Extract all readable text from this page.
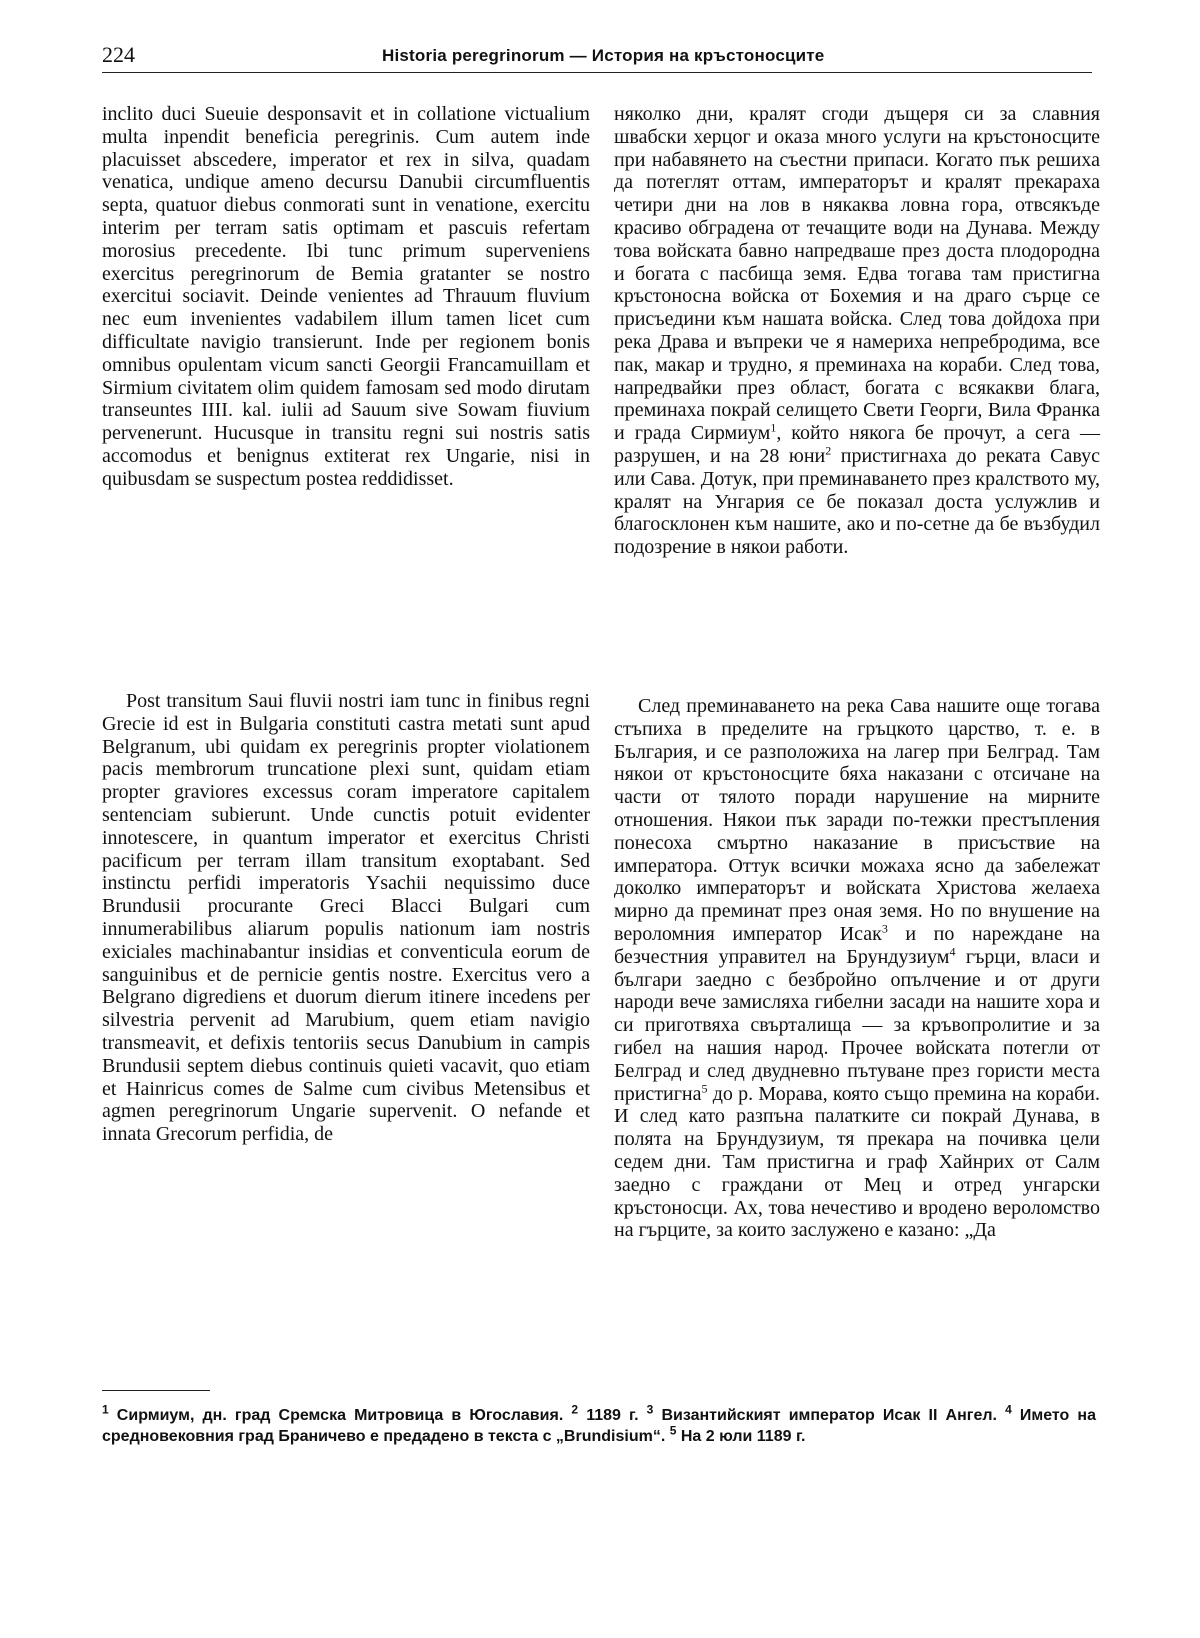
224	Historia peregrinorum — История на кръстоносците

inclito duci Sueuie desponsavit et in collatione victualium multa inpendit beneficia peregrinis. Cum autem inde placuisset abscedere, imperator et rex in silva, quadam venatica, undique ameno decursu Danubii circumfluentis septa, quatuor diebus conmorati sunt in venatione, exercitu interim per terram satis optimam et pascuis refertam morosius precedente. Ibi tunc primum superveniens exercitus peregrinorum de Bemia gratanter se nostro exercitui sociavit. Deinde venientes ad Thrauum fluvium nec eum invenientes vadabilem illum tamen licet cum difficultate navigio transierunt. Inde per regionem bonis omnibus opulentam vicum sancti Georgii Francamuillam et Sirmium civitatem olim quidem famosam sed modo dirutam transeuntes IIII. kal. iulii ad Sauum sive Sowam fiuvium pervenerunt. Hucusque in transitu regni sui nostris satis accomodus et benignus extiterat rex Ungarie, nisi in quibusdam se suspectum postea reddidisset.

Post transitum Saui fluvii nostri iam tunc in finibus regni Grecie id est in Bulgaria constituti castra metati sunt apud Belgranum, ubi quidam ex peregrinis propter violationem pacis membrorum truncatione plexi sunt, quidam etiam propter graviores excessus coram imperatore capitalem sentenciam subierunt. Unde cunctis potuit evidenter innotescere, in quantum imperator et exercitus Christi pacificum per terram illam transitum exoptabant. Sed instinctu perfidi imperatoris Ysachii nequissimo duce Brundusii procurante Greci Blacci Bulgari cum innumerabilibus aliarum populis nationum iam nostris exiciales machinabantur insidias et conventicula eorum de sanguinibus et de pernicie gentis nostre. Exercitus vero a Belgrano digrediens et duorum dierum itinere incedens per silvestria pervenit ad Marubium, quem etiam navigio transmeavit, et defixis tentoriis secus Danubium in campis Brundusii septem diebus continuis quieti vacavit, quo etiam et Hainricus comes de Salme cum civibus Metensibus et agmen peregrinorum Ungarie supervenit. O nefande et innata Grecorum perfidia, de

няколко дни, кралят сгоди дъщеря си за славния швабски херцог и оказа много услуги на кръстоносците при набавянето на съестни припаси. Когато пък решиха да потеглят оттам, императорът и кралят прекараха четири дни на лов в някаква ловна гора, отвсякъде красиво обградена от течащите води на Дунава. Между това войската бавно напредваше през доста плодородна и богата с пасбища земя. Едва тогава там пристигна кръстоносна войска от Бохемия и на драго сърце се присъедини към нашата войска. След това дойдоха при река Драва и въпреки че я намериха непребродима, все пак, макар и трудно, я преминаха на кораби. След това, напредвайки през област, богата с всякакви блага, преминаха покрай селището Свети Георги, Вила Франка и града Сирмиум$^1$, който някога бе прочут, а сега — разрушен, и на 28 юни$^2$ пристигнаха до реката Савус или Сава. Дотук, при преминаването през кралството му, кралят на Унгария се бе показал доста услужлив и благосклонен към нашите, ако и по-сетне да бе възбудил подозрение в някои работи.

След преминаването на река Сава нашите още тогава стъпиха в пределите на гръцкото царство, т. е. в България, и се разположиха на лагер при Белград. Там някои от кръстоносците бяха наказани с отсичане на части от тялото поради нарушение на мирните отношения. Някои пък заради по-тежки престъпления понесоха смъртно наказание в присъствие на императора. Оттук всички можаха ясно да забележат доколко императорът и войската Христова желаеха мирно да преминат през оная земя. Но по внушение на вероломния император Исак$^3$ и по нареждане на безчестния управител на Брундузиум$^4$ гърци, власи и българи заедно с безбройно опълчение и от други народи вече замисляха гибелни засади на нашите хора и си приготвяха свърталища — за кръвопролитие и за гибел на нашия народ. Прочее войската потегли от Белград и след двудневно пътуване през гористи места пристигна$^5$ до р. Морава, която също премина на кораби. И след като разпъна палатките си покрай Дунава, в полята на Брундузиум, тя прекара на почивка цели седем дни. Там пристигна и граф Хайнрих от Салм заедно с граждани от Мец и отред унгарски кръстоносци. Ах, това нечестиво и вродено вероломство на гърците, за които заслужено е казано: „Да

$^1$ Сирмиум, дн. град Сремска Митровица в Югославия. $^2$ 1189 г. $^3$ Византийският император Исак II Ангел. $^4$ Името на средновековния град Браничево е предадено в текста с „Brundisium“. $^5$ На 2 юли 1189 г.
